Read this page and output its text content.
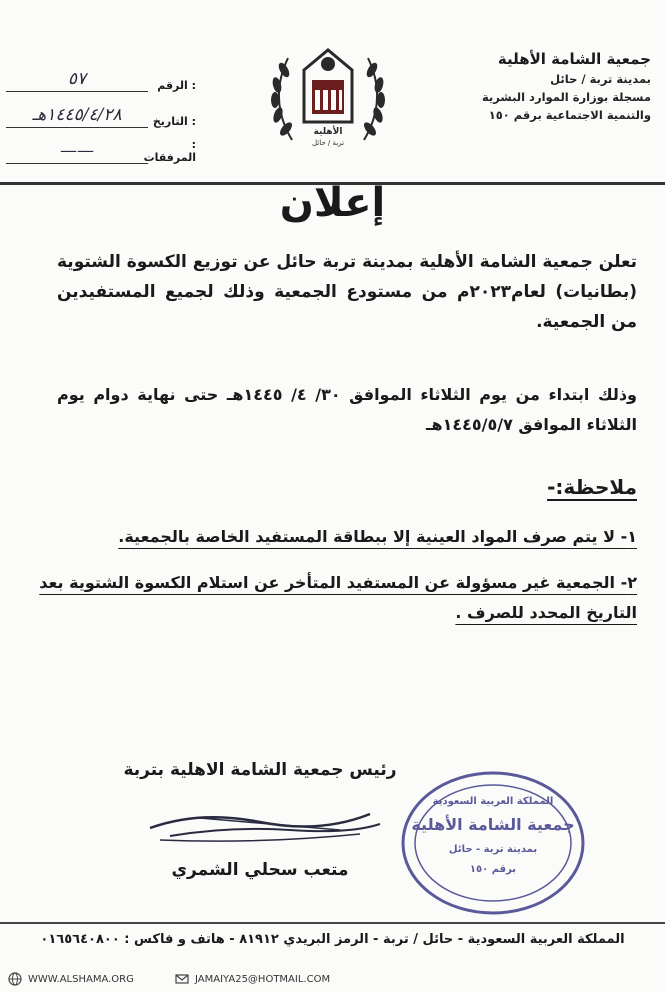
جمعية الشامة الأهلية
بمدينة تربة / حائل
مسجلة بوزارة الموارد البشرية
والتنمية الاجتماعية برقم ١٥٠
الأهلية
تربة / حائل
: الرقم
٥٧
: التاريخ
١٤٤٥/٤/٢٨هـ
: المرفقات
——
إعلان
تعلن جمعية الشامة الأهلية بمدينة تربة حائل عن توزيع الكسوة الشتوية (بطانيات) لعام٢٠٢٣م من مستودع الجمعية وذلك لجميع المستفيدين من الجمعية.
وذلك ابتداء من يوم الثلاثاء الموافق ٣٠/ ٤/ ١٤٤٥هـ حتى نهاية دوام يوم الثلاثاء الموافق ١٤٤٥/٥/٧هـ
ملاحظة:-
١- لا يتم صرف المواد العينية إلا ببطاقة المستفيد الخاصة بالجمعية.
٢- الجمعية غير مسؤولة عن المستفيد المتأخر عن استلام الكسوة الشتوية بعد التاريخ المحدد للصرف .
رئيس جمعية الشامة الاهلية بتربة
متعب سحلي الشمري
المملكة العربية السعودية
جمعية الشامة الأهلية
بمدينة تربة - حائل
برقم ١٥٠
المملكة العربية السعودية - حائل / تربة - الرمز البريدي ٨١٩١٢ - هاتف و فاكس : ٠١٦٥٦٤٠٨٠٠
WWW.ALSHAMA.ORG	JAMAIYA25@HOTMAIL.COM
